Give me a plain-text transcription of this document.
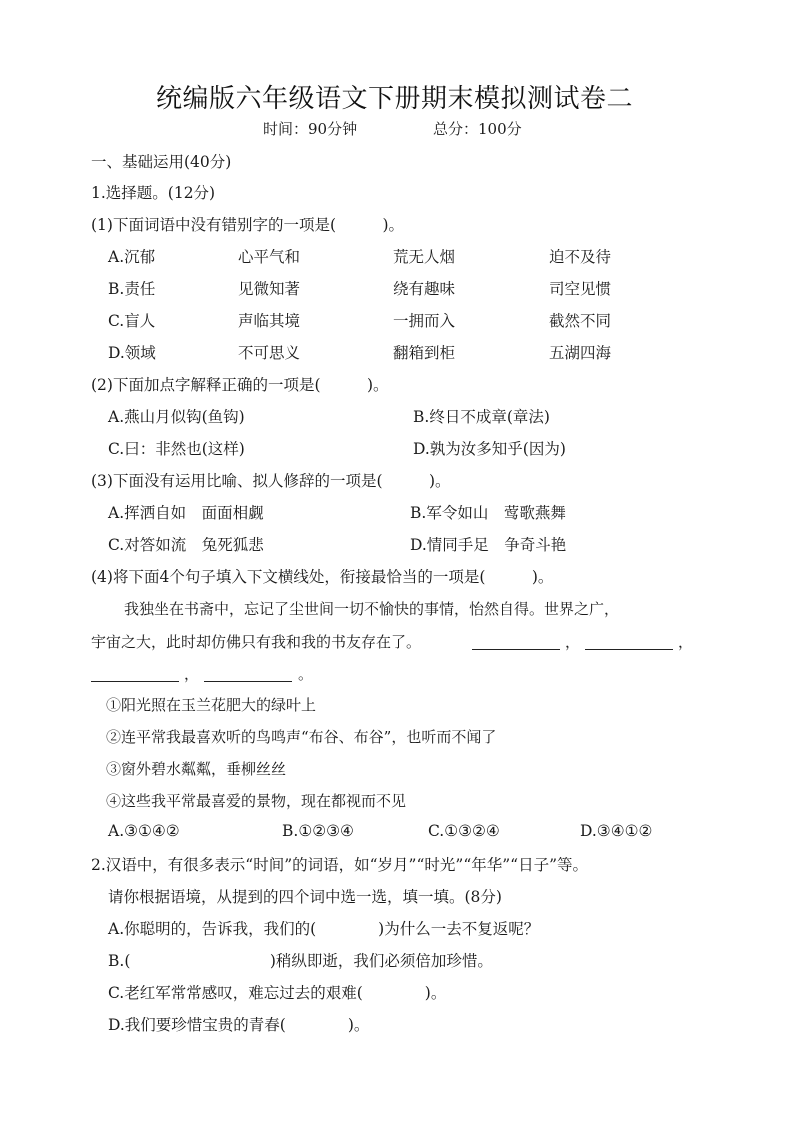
统编版六年级语文下册期末模拟测试卷二
时间：90分钟	总分：100分
一、基础运用(40分)
1.选择题。(12分)
(1)下面词语中没有错别字的一项是(　　　)。
A.沉郁	心平气和	荒无人烟	迫不及待
B.责任	见微知著	绕有趣味	司空见惯
C.盲人	声临其境	一拥而入	截然不同
D.领域	不可思义	翻箱到柜	五湖四海
(2)下面加点字解释正确的一项是(　　　)。
A.燕山月似钩(鱼钩)	B.终日不成章(章法)
C.曰：非然也(这样)	D.孰为汝多知乎(因为)
(3)下面没有运用比喻、拟人修辞的一项是(　　　)。
A.挥洒自如　面面相觑	B.军令如山　莺歌燕舞
C.对答如流　兔死狐悲	D.情同手足　争奇斗艳
(4)将下面4个句子填入下文横线处，衔接最恰当的一项是(　　　)。
我独坐在书斋中，忘记了尘世间一切不愉快的事情，怡然自得。世界之广，
宇宙之大，此时却仿佛只有我和我的书友存在了。	，	，
，	。
①阳光照在玉兰花肥大的绿叶上
②连平常我最喜欢听的鸟鸣声“布谷、布谷”，也听而不闻了
③窗外碧水粼粼，垂柳丝丝
④这些我平常最喜爱的景物，现在都视而不见
A.③①④②	B.①②③④	C.①③②④	D.③④①②
2.汉语中，有很多表示“时间”的词语，如“岁月”“时光”“年华”“日子”等。
请你根据语境，从提到的四个词中选一选，填一填。(8分)
A.你聪明的，告诉我，我们的(　　　　)为什么一去不复返呢？
B.(　　　　　　　　　)稍纵即逝，我们必须倍加珍惜。
C.老红军常常感叹，难忘过去的艰难(　　　　)。
D.我们要珍惜宝贵的青春(　　　　)。
